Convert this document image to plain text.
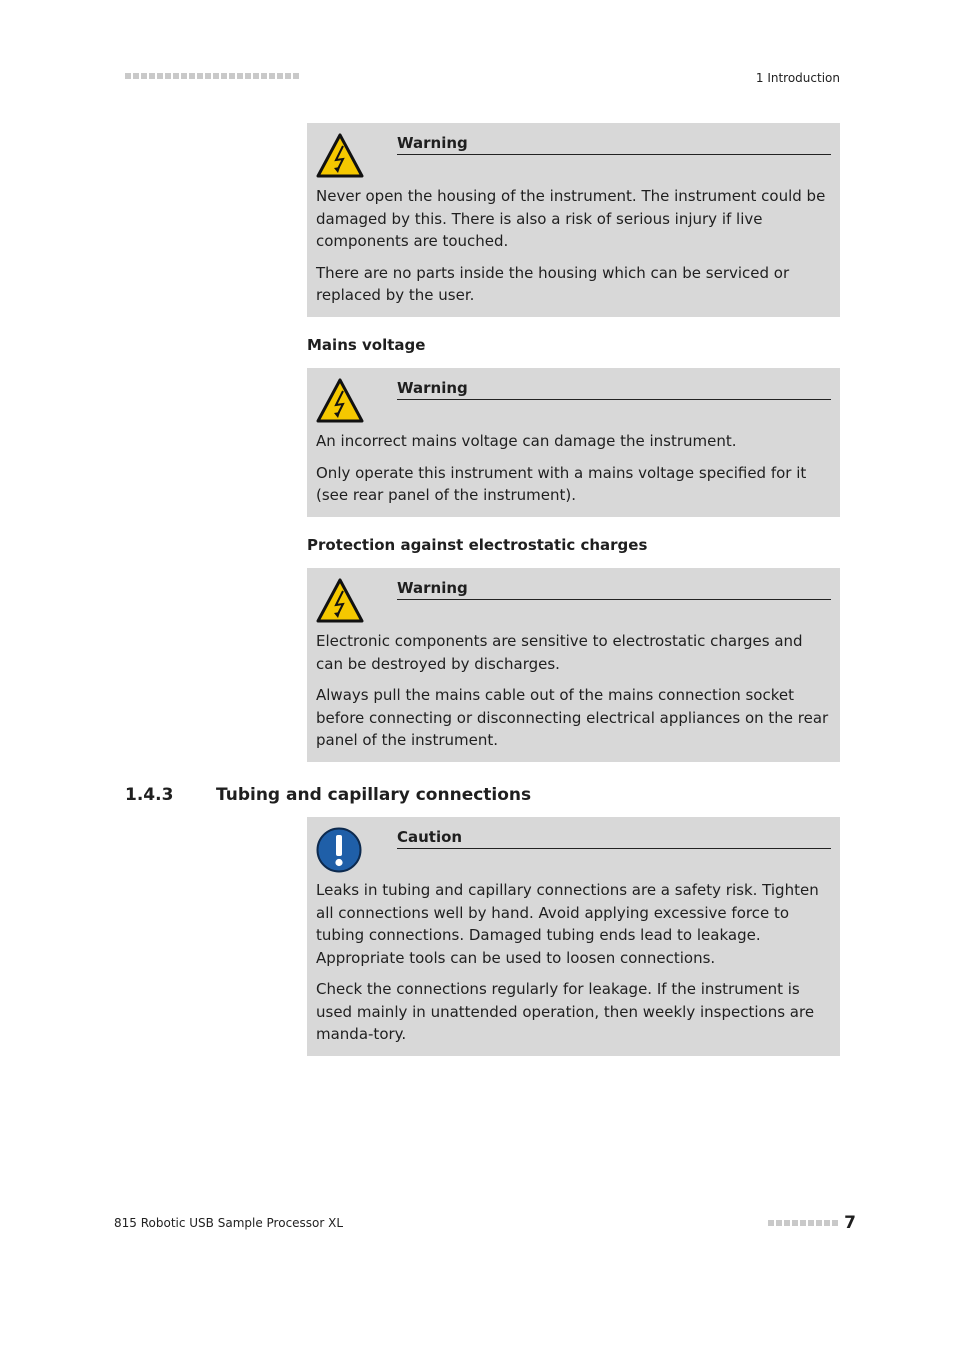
1 Introduction
Warning

Never open the housing of the instrument. The instrument could be damaged by this. There is also a risk of serious injury if live components are touched.

There are no parts inside the housing which can be serviced or replaced by the user.

Mains voltage
Warning

An incorrect mains voltage can damage the instrument.

Only operate this instrument with a mains voltage specified for it (see rear panel of the instrument).

Protection against electrostatic charges
Warning

Electronic components are sensitive to electrostatic charges and can be destroyed by discharges.

Always pull the mains cable out of the mains connection socket before connecting or disconnecting electrical appliances on the rear panel of the instrument.

1.4.3	Tubing and capillary connections
Caution

Leaks in tubing and capillary connections are a safety risk. Tighten all connections well by hand. Avoid applying excessive force to tubing connections. Damaged tubing ends lead to leakage. Appropriate tools can be used to loosen connections.

Check the connections regularly for leakage. If the instrument is used mainly in unattended operation, then weekly inspections are manda-tory.

815 Robotic USB Sample Processor XL	7
